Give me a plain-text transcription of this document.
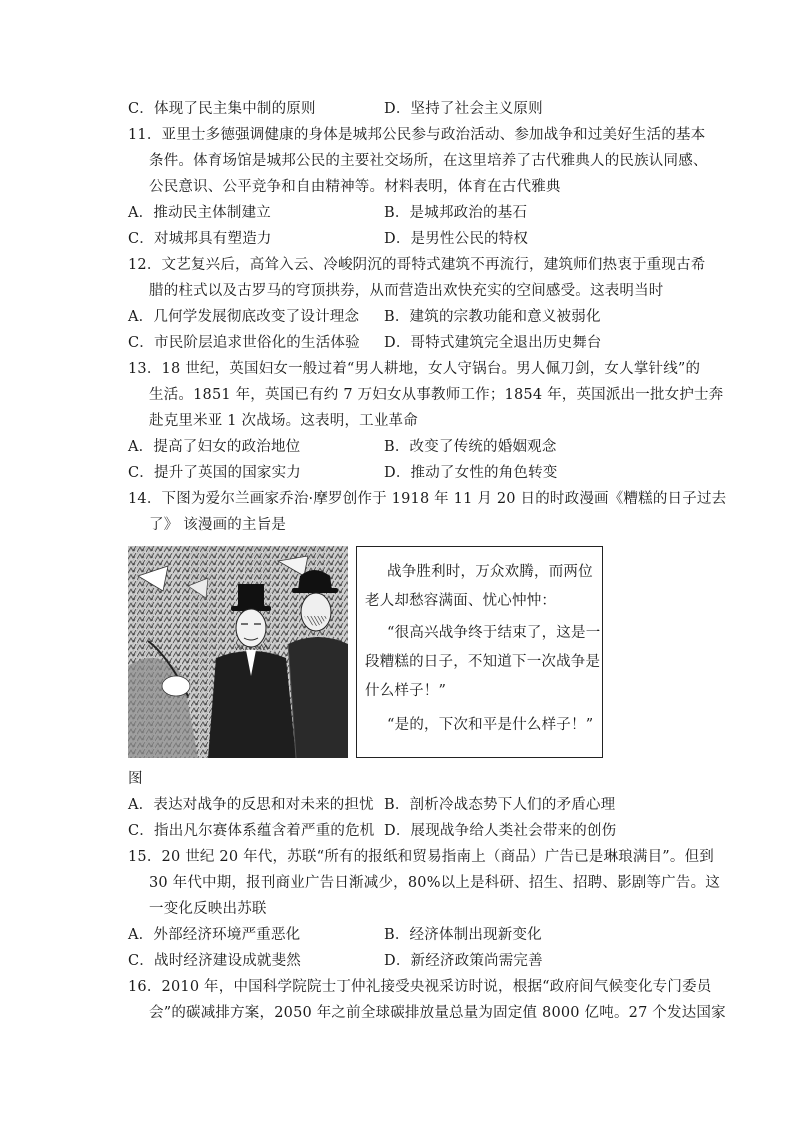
C．体现了民主集中制的原则	D．坚持了社会主义原则
11．亚里士多德强调健康的身体是城邦公民参与政治活动、参加战争和过美好生活的基本
条件。体育场馆是城邦公民的主要社交场所，在这里培养了古代雅典人的民族认同感、
公民意识、公平竞争和自由精神等。材料表明，体育在古代雅典
A．推动民主体制建立	B．是城邦政治的基石
C．对城邦具有塑造力	D．是男性公民的特权
12．文艺复兴后，高耸入云、冷峻阴沉的哥特式建筑不再流行，建筑师们热衷于重现古希
腊的柱式以及古罗马的穹顶拱券，从而营造出欢快充实的空间感受。这表明当时
A．几何学发展彻底改变了设计理念 B．建筑的宗教功能和意义被弱化
C．市民阶层追求世俗化的生活体验 D．哥特式建筑完全退出历史舞台
13．18 世纪，英国妇女一般过着“男人耕地，女人守锅台。男人佩刀剑，女人掌针线”的
生活。1851 年，英国已有约 7 万妇女从事教师工作；1854 年，英国派出一批女护士奔
赴克里米亚 1 次战场。这表明，工业革命
A．提高了妇女的政治地位	B．改变了传统的婚姻观念
C．提升了英国的国家实力	D．推动了女性的角色转变
14．下图为爱尔兰画家乔治·摩罗创作于 1918 年 11 月 20 日的时政漫画《糟糕的日子过去
了》 该漫画的主旨是
战争胜利时，万众欢腾，而两位
老人却愁容满面、忧心忡忡：
“很高兴战争终于结束了，这是一
段糟糕的日子，不知道下一次战争是
什么样子！”
“是的，下次和平是什么样子！”
图
A．表达对战争的反思和对未来的担忧 B．剖析冷战态势下人们的矛盾心理
C．指出凡尔赛体系蕴含着严重的危机 D．展现战争给人类社会带来的创伤
15．20 世纪 20 年代，苏联“所有的报纸和贸易指南上（商品）广告已是琳琅满目”。但到
30 年代中期，报刊商业广告日渐减少，80%以上是科研、招生、招聘、影剧等广告。这
一变化反映出苏联
A．外部经济环境严重恶化	B．经济体制出现新变化
C．战时经济建设成就斐然	D．新经济政策尚需完善
16．2010 年，中国科学院院士丁仲礼接受央视采访时说，根据“政府间气候变化专门委员
会”的碳减排方案，2050 年之前全球碳排放量总量为固定值 8000 亿吨。27 个发达国家
